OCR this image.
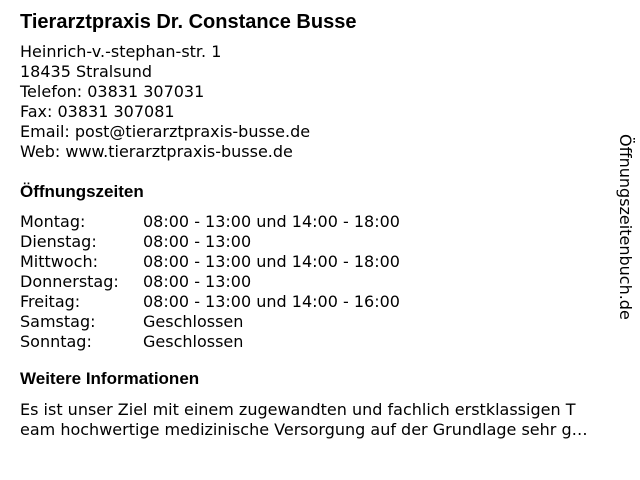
Tierarztpraxis Dr. Constance Busse
Heinrich-v.-stephan-str. 1
18435 Stralsund
Telefon: 03831 307031
Fax: 03831 307081
Email: post@tierarztpraxis-busse.de
Web: www.tierarztpraxis-busse.de
Öffnungszeiten
Montag:	08:00 - 13:00 und 14:00 - 18:00
Dienstag:	08:00 - 13:00
Mittwoch:	08:00 - 13:00 und 14:00 - 18:00
Donnerstag:	08:00 - 13:00
Freitag:	08:00 - 13:00 und 14:00 - 16:00
Samstag:	Geschlossen
Sonntag:	Geschlossen
Weitere Informationen
Es ist unser Ziel mit einem zugewandten und fachlich erstklassigen T
eam hochwertige medizinische Versorgung auf der Grundlage sehr g…
Öffnungszeitenbuch.de
